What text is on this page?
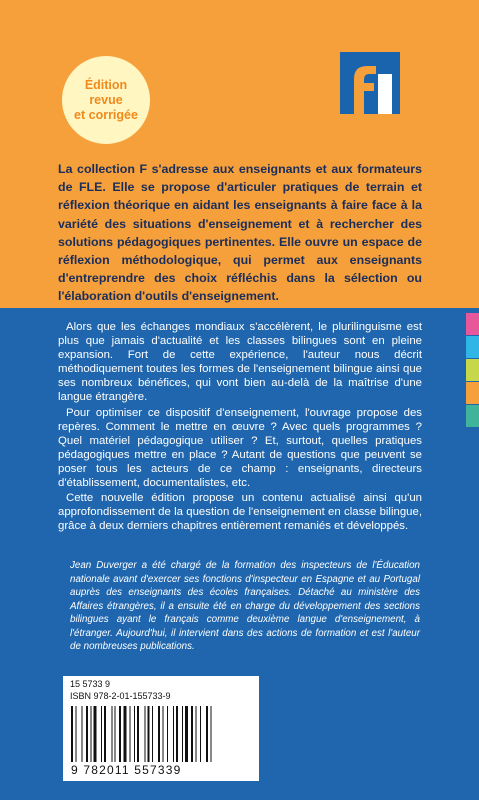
Édition
revue
et corrigée
La collection F s'adresse aux enseignants et aux formateurs de FLE. Elle se propose d'articuler pratiques de terrain et réflexion théorique en aidant les enseignants à faire face à la variété des situations d'enseignement et à rechercher des solutions pédagogiques pertinentes. Elle ouvre un espace de réflexion méthodologique, qui permet aux enseignants d'entreprendre des choix réfléchis dans la sélection ou l'élaboration d'outils d'enseignement.

Alors que les échanges mondiaux s'accélèrent, le plurilinguisme est plus que jamais d'actualité et les classes bilingues sont en pleine expansion. Fort de cette expérience, l'auteur nous décrit méthodiquement toutes les formes de l'enseignement bilingue ainsi que ses nombreux bénéfices, qui vont bien au-delà de la maîtrise d'une langue étrangère.

Pour optimiser ce dispositif d'enseignement, l'ouvrage propose des repères. Comment le mettre en œuvre ? Avec quels programmes ? Quel matériel pédagogique utiliser ? Et, surtout, quelles pratiques pédagogiques mettre en place ? Autant de questions que peuvent se poser tous les acteurs de ce champ : enseignants, directeurs d'établissement, documentalistes, etc.

Cette nouvelle édition propose un contenu actualisé ainsi qu'un approfondissement de la question de l'enseignement en classe bilingue, grâce à deux derniers chapitres entièrement remaniés et développés.

Jean Duverger a été chargé de la formation des inspecteurs de l'Éducation nationale avant d'exercer ses fonctions d'inspecteur en Espagne et au Portugal auprès des enseignants des écoles françaises. Détaché au ministère des Affaires étrangères, il a ensuite été en charge du développement des sections bilingues ayant le français comme deuxième langue d'enseignement, à l'étranger. Aujourd'hui, il intervient dans des actions de formation et est l'auteur de nombreuses publications.
15 5733 9
ISBN 978-2-01-155733-9
9 782011 557339
